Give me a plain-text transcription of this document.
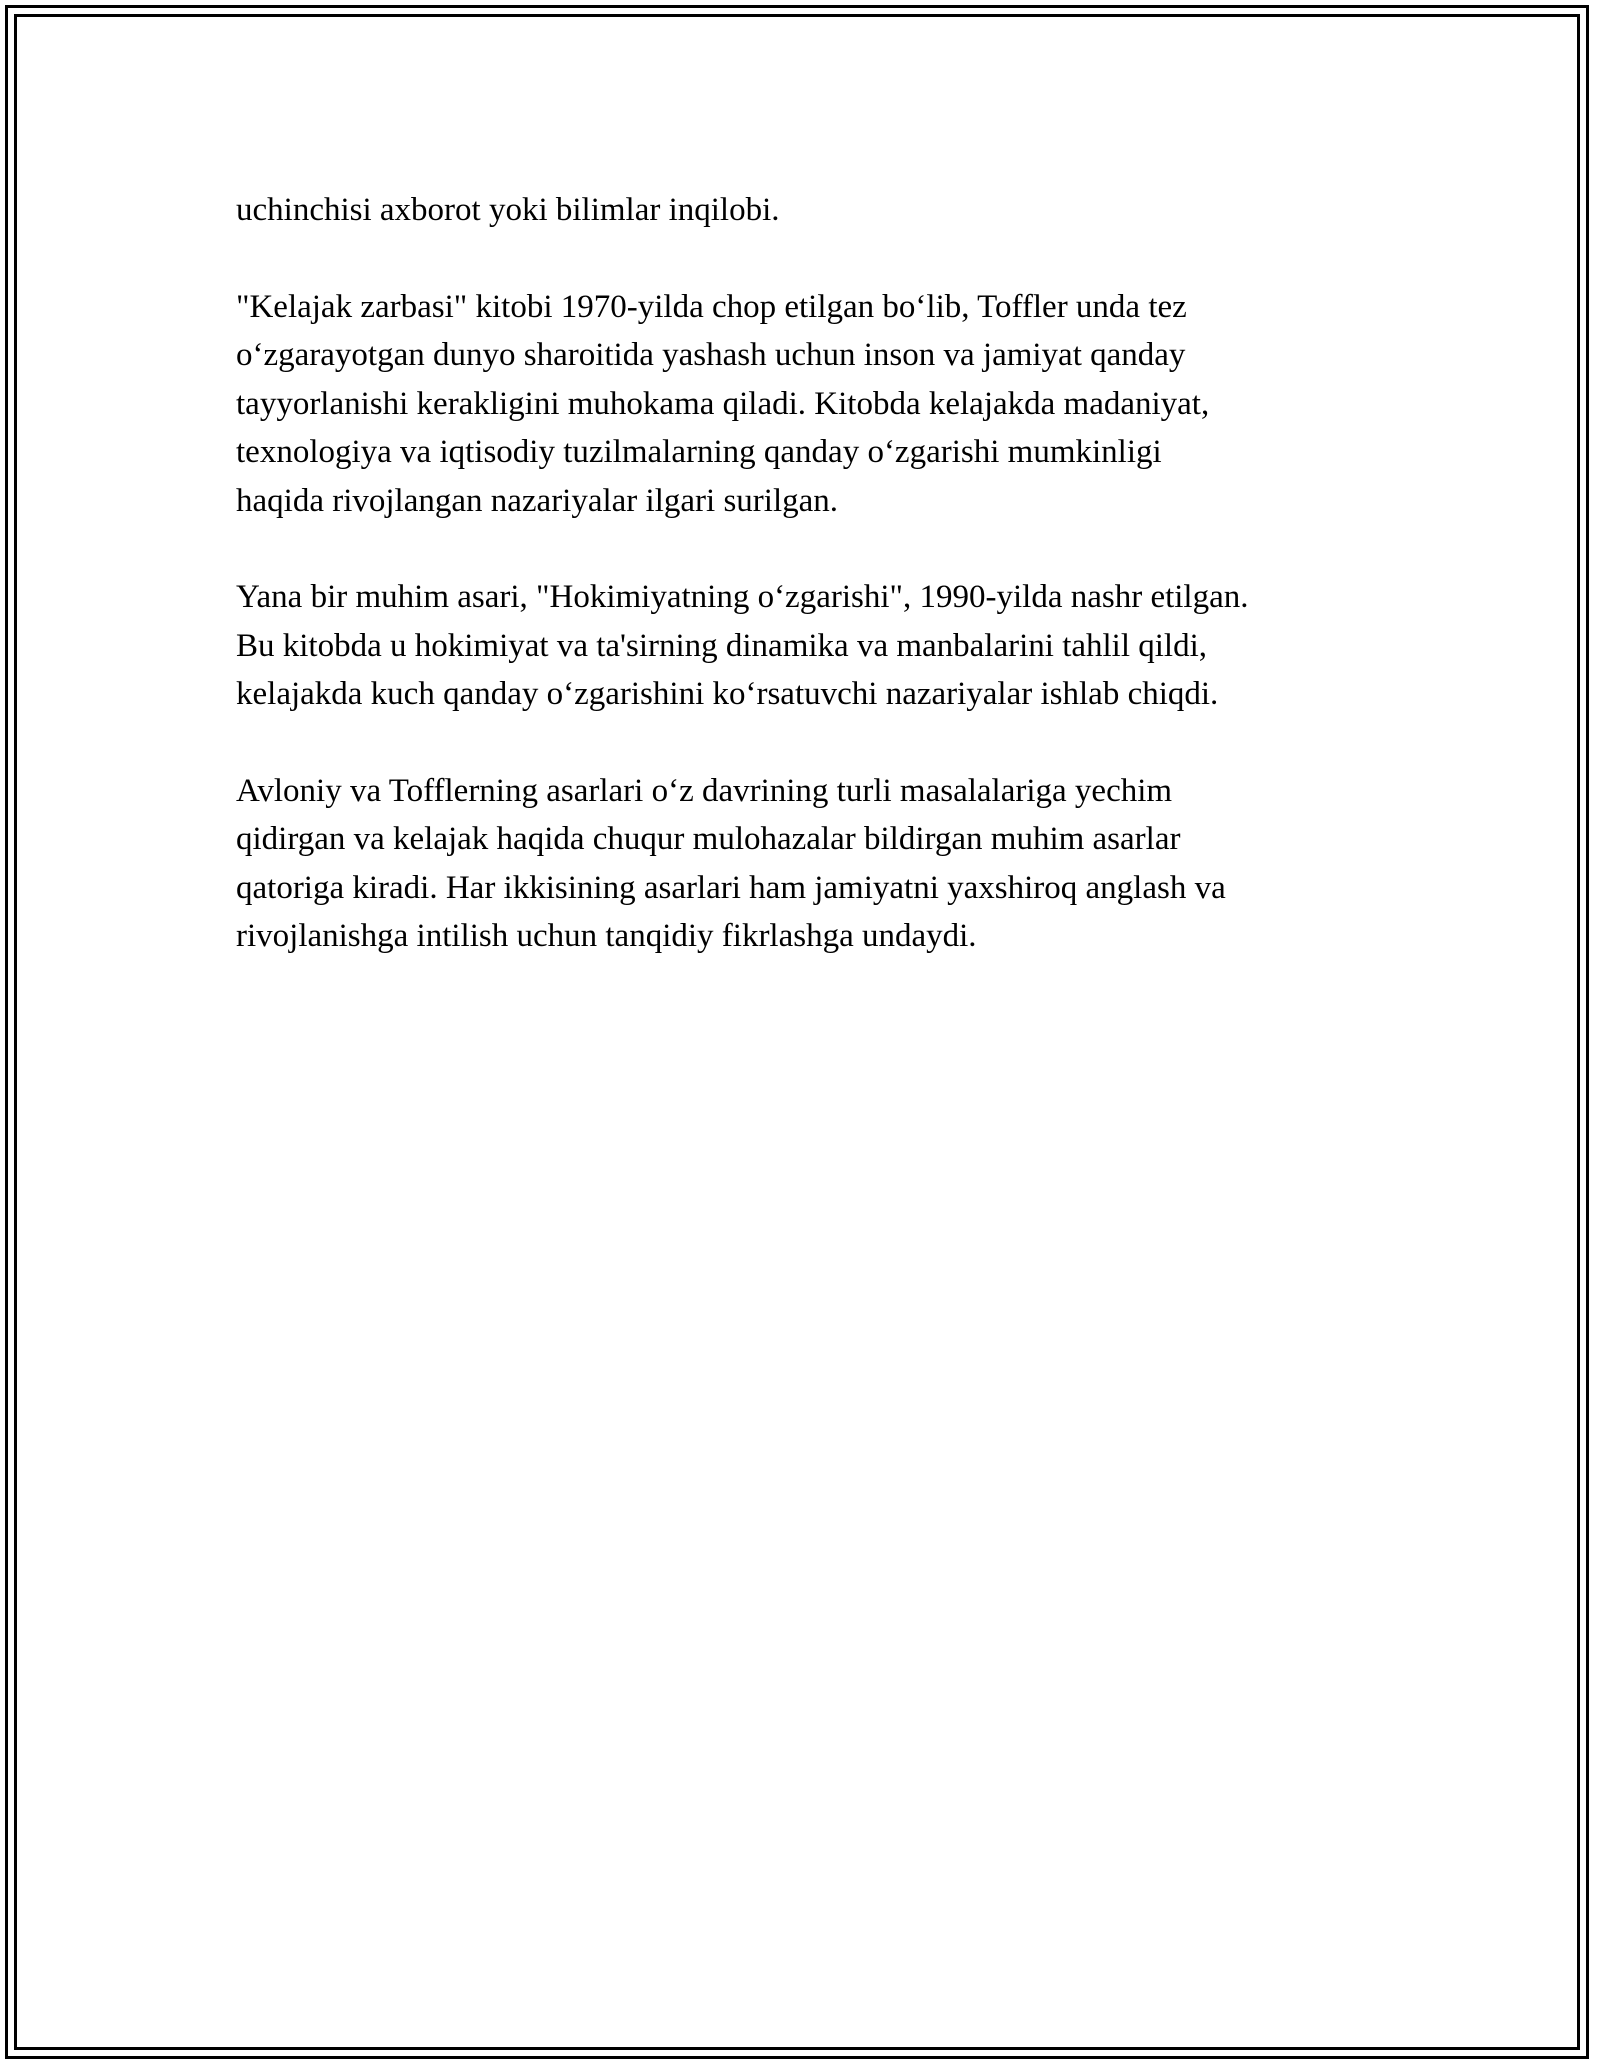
uchinchisi axborot yoki bilimlar inqilobi.

"Kelajak zarbasi" kitobi 1970-yilda chop etilgan bo‘lib, Toffler unda tez
o‘zgarayotgan dunyo sharoitida yashash uchun inson va jamiyat qanday
tayyorlanishi kerakligini muhokama qiladi. Kitobda kelajakda madaniyat,
texnologiya va iqtisodiy tuzilmalarning qanday o‘zgarishi mumkinligi
haqida rivojlangan nazariyalar ilgari surilgan.

Yana bir muhim asari, "Hokimiyatning o‘zgarishi", 1990-yilda nashr etilgan.
Bu kitobda u hokimiyat va ta'sirning dinamika va manbalarini tahlil qildi,
kelajakda kuch qanday o‘zgarishini ko‘rsatuvchi nazariyalar ishlab chiqdi.

Avloniy va Tofflerning asarlari o‘z davrining turli masalalariga yechim
qidirgan va kelajak haqida chuqur mulohazalar bildirgan muhim asarlar
qatoriga kiradi. Har ikkisining asarlari ham jamiyatni yaxshiroq anglash va
rivojlanishga intilish uchun tanqidiy fikrlashga undaydi.
